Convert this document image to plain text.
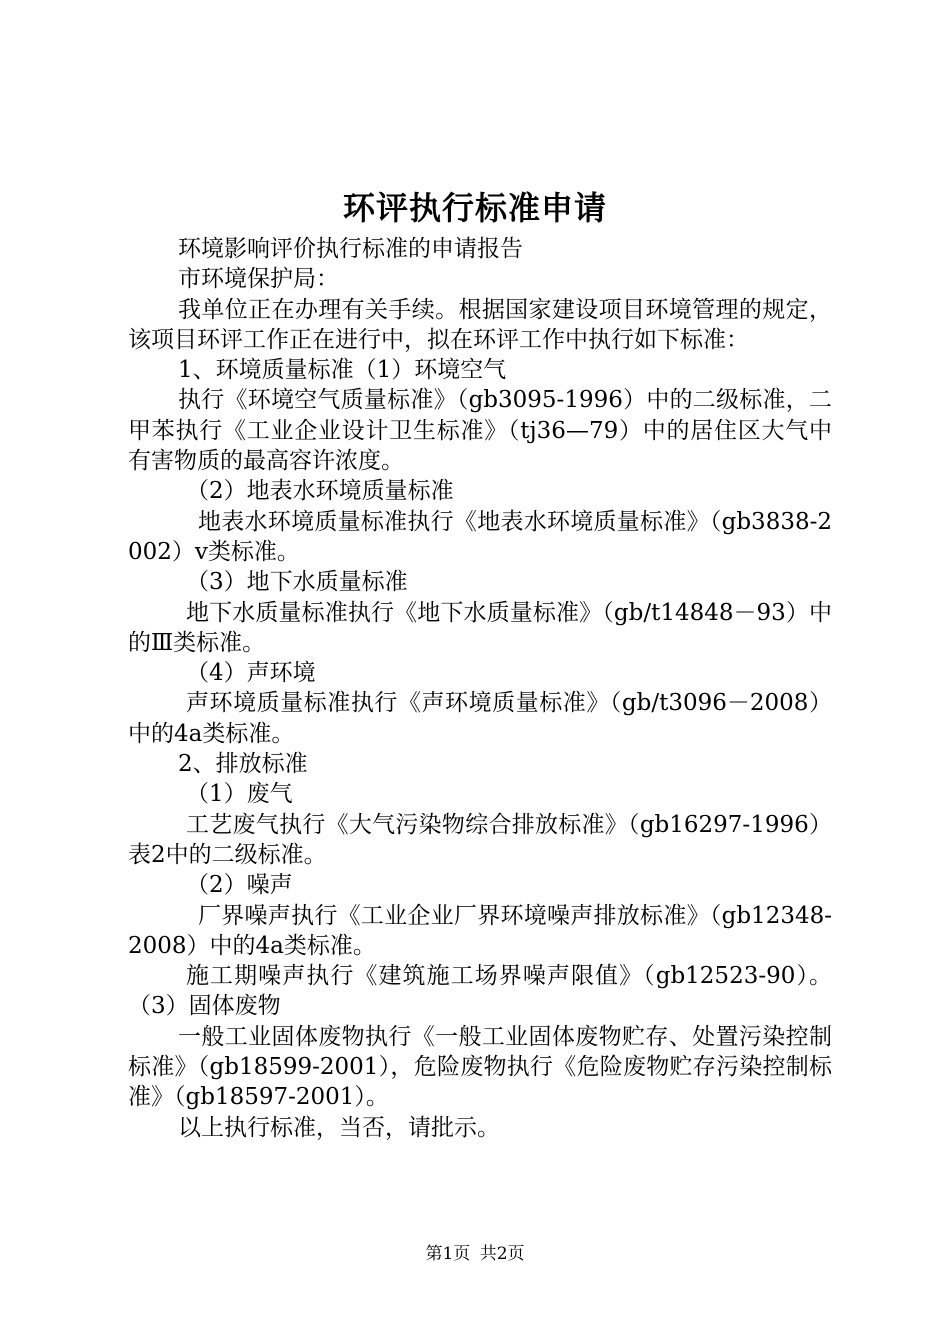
环评执行标准申请

环境影响评价执行标准的申请报告

市环境保护局：

我单位正在办理有关手续。根据国家建设项目环境管理的规定，该项目环评工作正在进行中，拟在环评工作中执行如下标准：

1、环境质量标准（1）环境空气

执行《环境空气质量标准》（gb3095-1996）中的二级标准，二甲苯执行《工业企业设计卫生标准》（tj36—79）中的居住区大气中有害物质的最高容许浓度。

（2）地表水环境质量标准

地表水环境质量标准执行《地表水环境质量标准》（gb3838-2002）v类标准。

（3）地下水质量标准

地下水质量标准执行《地下水质量标准》（gb/t14848－93）中的Ⅲ类标准。

（4）声环境

声环境质量标准执行《声环境质量标准》（gb/t3096－2008）中的4a类标准。

2、排放标准

（1）废气

工艺废气执行《大气污染物综合排放标准》（gb16297-1996）表2中的二级标准。

（2）噪声

厂界噪声执行《工业企业厂界环境噪声排放标准》（gb12348-2008）中的4a类标准。

施工期噪声执行《建筑施工场界噪声限值》（gb12523-90）。（3）固体废物

一般工业固体废物执行《一般工业固体废物贮存、处置污染控制标准》（gb18599-2001），危险废物执行《危险废物贮存污染控制标准》（gb18597-2001）。

以上执行标准，当否，请批示。

第1页 共2页
